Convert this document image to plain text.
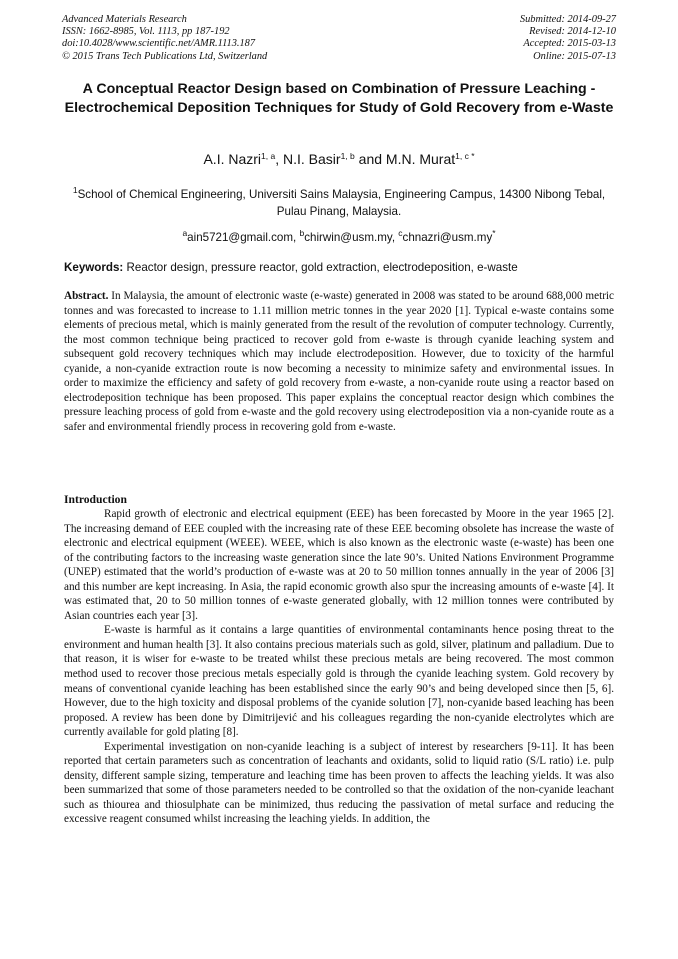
Advanced Materials Research
ISSN: 1662-8985, Vol. 1113, pp 187-192
doi:10.4028/www.scientific.net/AMR.1113.187
© 2015 Trans Tech Publications Ltd, Switzerland
Submitted: 2014-09-27
Revised: 2014-12-10
Accepted: 2015-03-13
Online: 2015-07-13
A Conceptual Reactor Design based on Combination of Pressure Leaching - Electrochemical Deposition Techniques for Study of Gold Recovery from e-Waste
A.I. Nazri$^{1, a}$, N.I. Basir$^{1, b}$ and M.N. Murat$^{1, c *}$
$^1$School of Chemical Engineering, Universiti Sains Malaysia, Engineering Campus, 14300 Nibong Tebal, Pulau Pinang, Malaysia.
$^a$ain5721@gmail.com, $^b$chirwin@usm.my, $^c$chnazri@usm.my*
Keywords: Reactor design, pressure reactor, gold extraction, electrodeposition, e-waste
Abstract. In Malaysia, the amount of electronic waste (e-waste) generated in 2008 was stated to be around 688,000 metric tonnes and was forecasted to increase to 1.11 million metric tonnes in the year 2020 [1]. Typical e-waste contains some elements of precious metal, which is mainly generated from the result of the revolution of computer technology. Currently, the most common technique being practiced to recover gold from e-waste is through cyanide leaching system and subsequent gold recovery techniques which may include electrodeposition. However, due to toxicity of the harmful cyanide, a non-cyanide extraction route is now becoming a necessity to minimize safety and environmental issues. In order to maximize the efficiency and safety of gold recovery from e-waste, a non-cyanide route using a reactor based on electrodeposition technique has been proposed. This paper explains the conceptual reactor design which combines the pressure leaching process of gold from e-waste and the gold recovery using electrodeposition via a non-cyanide route as a safer and environmental friendly process in recovering gold from e-waste.
Introduction

Rapid growth of electronic and electrical equipment (EEE) has been forecasted by Moore in the year 1965 [2]. The increasing demand of EEE coupled with the increasing rate of these EEE becoming obsolete has increase the waste of electronic and electrical equipment (WEEE). WEEE, which is also known as the electronic waste (e-waste) has been one of the contributing factors to the increasing waste generation since the late 90’s. United Nations Environment Programme (UNEP) estimated that the world’s production of e-waste was at 20 to 50 million tonnes annually in the year of 2006 [3] and this number are kept increasing. In Asia, the rapid economic growth also spur the increasing amounts of e-waste [4]. It was estimated that, 20 to 50 million tonnes of e-waste generated globally, with 12 million tonnes were contributed by Asian countries each year [3].

E-waste is harmful as it contains a large quantities of environmental contaminants hence posing threat to the environment and human health [3]. It also contains precious materials such as gold, silver, platinum and palladium. Due to that reason, it is wiser for e-waste to be treated whilst these precious metals are being recovered. The most common method used to recover those precious metals especially gold is through the cyanide leaching system. Gold recovery by means of conventional cyanide leaching has been established since the early 90’s and being developed since then [5, 6]. However, due to the high toxicity and disposal problems of the cyanide solution [7], non-cyanide based leaching has been proposed. A review has been done by Dimitrijević and his colleagues regarding the non-cyanide electrolytes which are currently available for gold plating [8].

Experimental investigation on non-cyanide leaching is a subject of interest by researchers [9-11]. It has been reported that certain parameters such as concentration of leachants and oxidants, solid to liquid ratio (S/L ratio) i.e. pulp density, different sample sizing, temperature and leaching time has been proven to affects the leaching yields. It was also been summarized that some of those parameters needed to be controlled so that the oxidation of the non-cyanide leachant such as thiourea and thiosulphate can be minimized, thus reducing the passivation of metal surface and reducing the excessive reagent consumed whilst increasing the leaching yields. In addition, the
